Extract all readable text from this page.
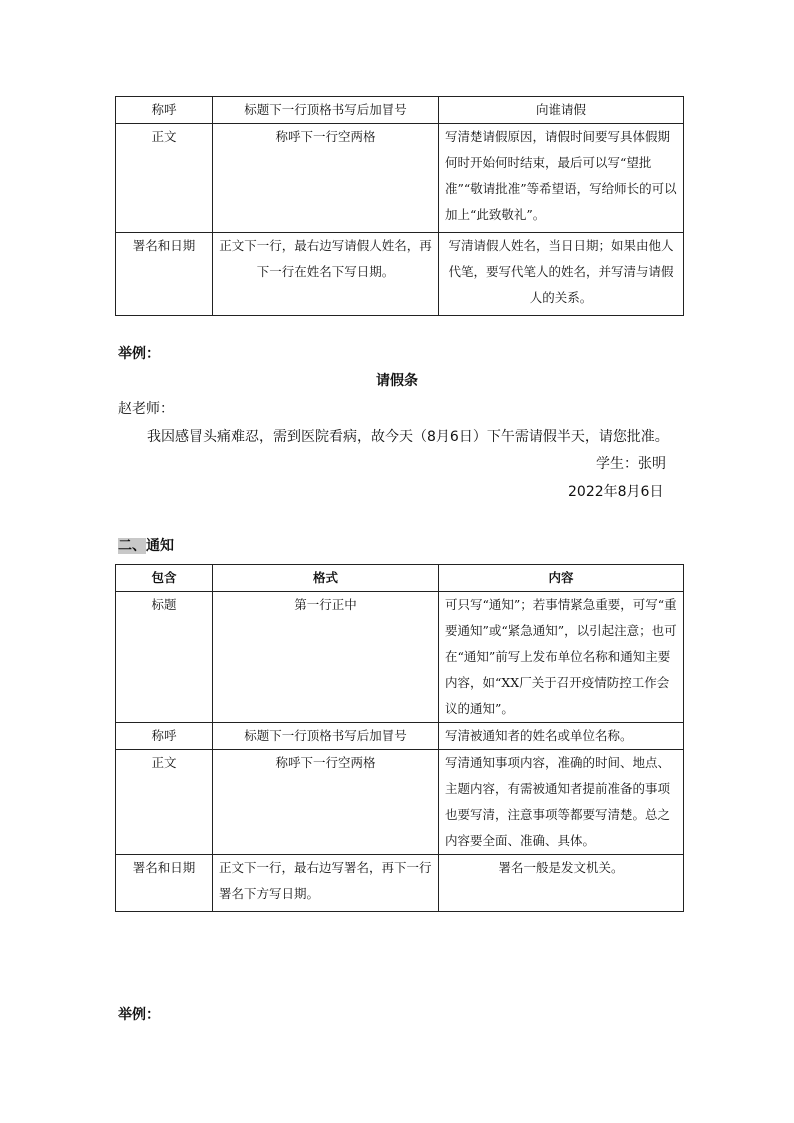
称呼	标题下一行顶格书写后加冒号	向谁请假
正文	称呼下一行空两格	写清楚请假原因，请假时间要写具体假期何时开始何时结束，最后可以写“望批准”“敬请批准”等希望语，写给师长的可以加上“此致敬礼”。
署名和日期	正文下一行，最右边写请假人姓名，再下一行在姓名下写日期。	写清请假人姓名，当日日期；如果由他人代笔，要写代笔人的姓名，并写清与请假人的关系。
举例：
请假条
赵老师：
我因感冒头痛难忍，需到医院看病，故今天（8月6日）下午需请假半天，请您批准。
学生：张明
2022年8月6日
二、通知
包含	格式	内容
标题	第一行正中	可只写“通知”；若事情紧急重要，可写“重要通知”或“紧急通知”，以引起注意；也可在“通知”前写上发布单位名称和通知主要内容，如“XX厂关于召开疫情防控工作会议的通知”。
称呼	标题下一行顶格书写后加冒号	写清被通知者的姓名或单位名称。
正文	称呼下一行空两格	写清通知事项内容，准确的时间、地点、主题内容，有需被通知者提前准备的事项也要写清，注意事项等都要写清楚。总之内容要全面、准确、具体。
署名和日期	正文下一行，最右边写署名，再下一行署名下方写日期。	署名一般是发文机关。
举例：
